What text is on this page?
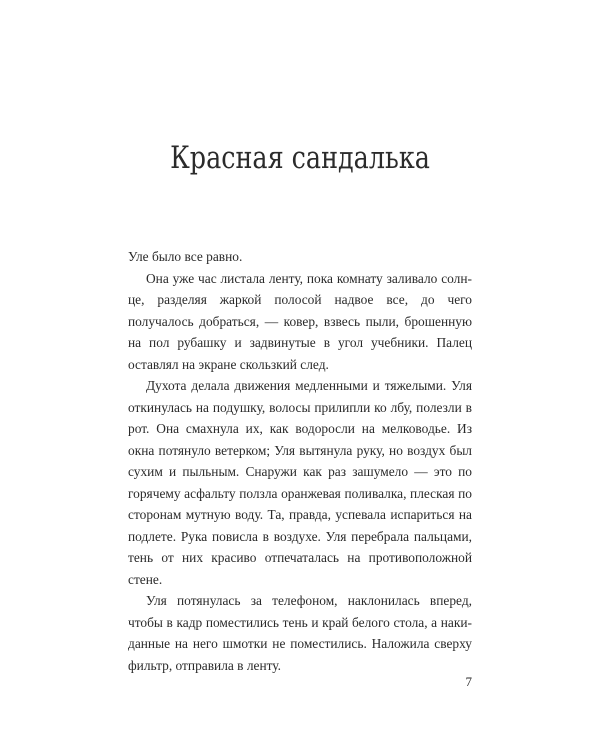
Красная сандалька

Уле было все равно.

Она уже час листала ленту, пока комнату заливало солнце, разделяя жаркой полосой надвое все, до чего получалось добраться, — ковер, взвесь пыли, брошенную на пол рубашку и задвинутые в угол учебники. Палец оставлял на экране скользкий след.

Духота делала движения медленными и тяжелыми. Уля откинулась на подушку, волосы прилипли ко лбу, полезли в рот. Она смахнула их, как водоросли на мелководье. Из окна потянуло ветерком; Уля вытянула руку, но воздух был сухим и пыльным. Снаружи как раз зашумело — это по горячему асфальту ползла оранжевая поливалка, плеская по сторонам мутную воду. Та, правда, успевала испариться на подлете. Рука повисла в воздухе. Уля перебрала пальцами, тень от них красиво отпечаталась на противоположной стене.

Уля потянулась за телефоном, наклонилась вперед, чтобы в кадр поместились тень и край белого стола, а накиданные на него шмотки не поместились. Наложила сверху фильтр, отправила в ленту.

7
